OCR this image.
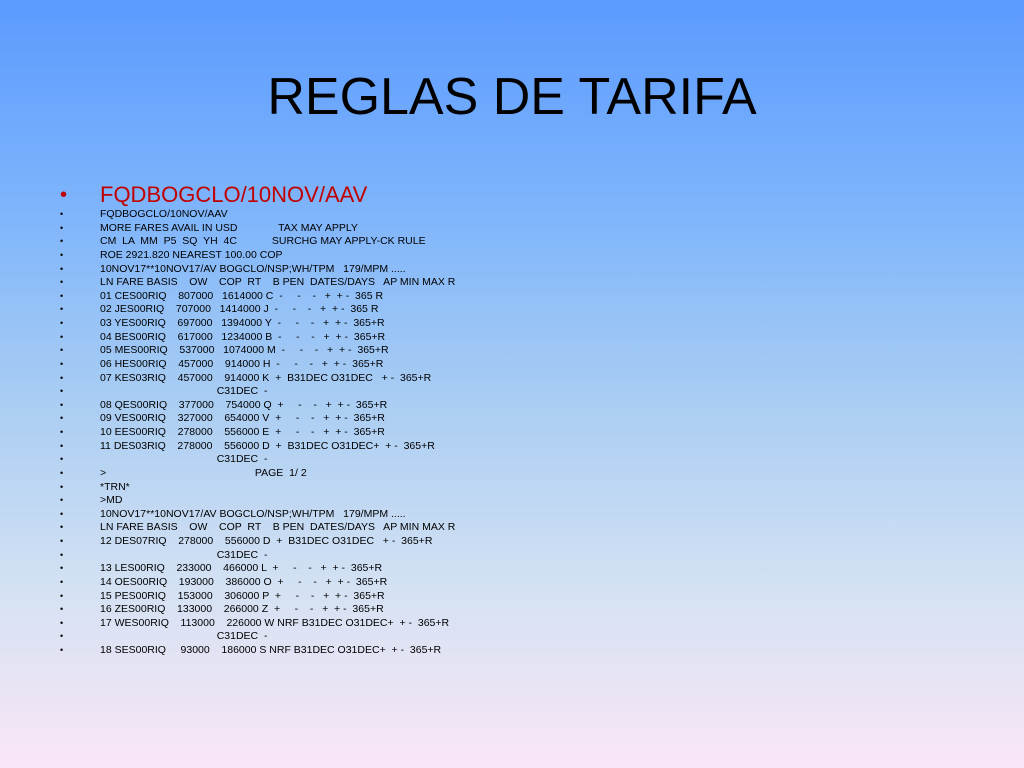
REGLAS DE TARIFA
•	FQDBOGCLO/10NOV/AAV
•	FQDBOGCLO/10NOV/AAV
•	MORE FARES AVAIL IN USD              TAX MAY APPLY
•	CM  LA  MM  P5  SQ  YH  4C            SURCHG MAY APPLY-CK RULE
•	ROE 2921.820 NEAREST 100.00 COP
•	10NOV17**10NOV17/AV BOGCLO/NSP;WH/TPM   179/MPM .....
•	LN FARE BASIS    OW    COP  RT    B PEN  DATES/DAYS   AP MIN MAX R
•	01 CES00RIQ    807000   1614000 C  -     -    -   +  + -  365 R
•	02 JES00RIQ    707000   1414000 J  -     -    -   +  + -  365 R
•	03 YES00RIQ    697000   1394000 Y  -     -    -   +  + -  365+R
•	04 BES00RIQ    617000   1234000 B  -     -    -   +  + -  365+R
•	05 MES00RIQ    537000   1074000 M  -     -    -   +  + -  365+R
•	06 HES00RIQ    457000    914000 H  -     -    -   +  + -  365+R
•	07 KES03RIQ    457000    914000 K  +  B31DEC O31DEC   + -  365+R
•	C31DEC  -
•	08 QES00RIQ    377000    754000 Q  +     -    -   +  + -  365+R
•	09 VES00RIQ    327000    654000 V  +     -    -   +  + -  365+R
•	10 EES00RIQ    278000    556000 E  +     -    -   +  + -  365+R
•	11 DES03RIQ    278000    556000 D  +  B31DEC O31DEC+  + -  365+R
•	C31DEC  -
•	>                                                   PAGE  1/ 2
•	*TRN*
•	>MD
•	10NOV17**10NOV17/AV BOGCLO/NSP;WH/TPM   179/MPM .....
•	LN FARE BASIS    OW    COP  RT    B PEN  DATES/DAYS   AP MIN MAX R
•	12 DES07RIQ    278000    556000 D  +  B31DEC O31DEC   + -  365+R
•	C31DEC  -
•	13 LES00RIQ    233000    466000 L  +     -    -   +  + -  365+R
•	14 OES00RIQ    193000    386000 O  +     -    -   +  + -  365+R
•	15 PES00RIQ    153000    306000 P  +     -    -   +  + -  365+R
•	16 ZES00RIQ    133000    266000 Z  +     -    -   +  + -  365+R
•	17 WES00RIQ    113000    226000 W NRF B31DEC O31DEC+  + -  365+R
•	C31DEC  -
•	18 SES00RIQ     93000    186000 S NRF B31DEC O31DEC+  + -  365+R
